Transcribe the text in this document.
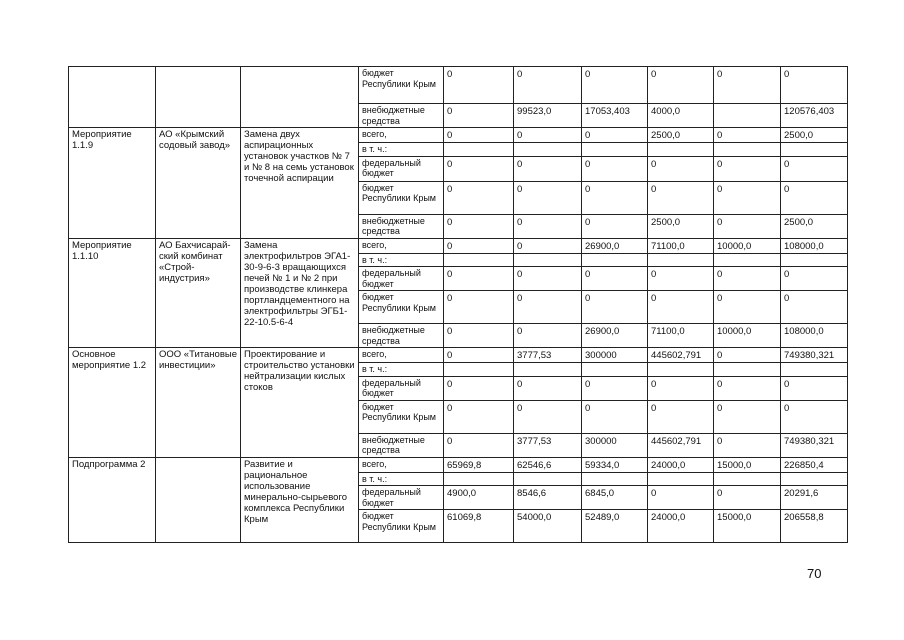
			бюджет Республики Крым	0	0	0	0	0	0
			внебюджетные средства	0	99523,0	17053,403	4000,0		120576,403
Мероприятие 1.1.9	АО «Крымский содовый завод»	Замена двух аспирационных установок участков № 7 и № 8 на семь установок точечной аспирации	всего,	0	0	0	2500,0	0	2500,0
			в т. ч.:						
			федеральный бюджет	0	0	0	0	0	0
			бюджет Республики Крым	0	0	0	0	0	0
			внебюджетные средства	0	0	0	2500,0	0	2500,0
Мероприятие 1.1.10	АО Бахчисарай-ский комбинат «Строй-индустрия»	Замена электрофильтров ЭГА1-30-9-6-3 вращающихся печей № 1 и № 2 при производстве клинкера портландцементного на электрофильтры ЭГБ1-22-10.5-6-4	всего,	0	0	26900,0	71100,0	10000,0	108000,0
			в т. ч.:						
			федеральный бюджет	0	0	0	0	0	0
			бюджет Республики Крым	0	0	0	0	0	0
			внебюджетные средства	0	0	26900,0	71100,0	10000,0	108000,0
Основное мероприятие 1.2	ООО «Титановые инвестиции»	Проектирование и строительство установки нейтрализации кислых стоков	всего,	0	3777,53	300000	445602,791	0	749380,321
			в т. ч.:						
			федеральный бюджет	0	0	0	0	0	0
			бюджет Республики Крым	0	0	0	0	0	0
			внебюджетные средства	0	3777,53	300000	445602,791	0	749380,321
Подпрограмма 2		Развитие и рациональное использование минерально-сырьевого комплекса Республики Крым	всего,	65969,8	62546,6	59334,0	24000,0	15000,0	226850,4
			в т. ч.:						
			федеральный бюджет	4900,0	8546,6	6845,0	0	0	20291,6
			бюджет Республики Крым	61069,8	54000,0	52489,0	24000,0	15000,0	206558,8
70
